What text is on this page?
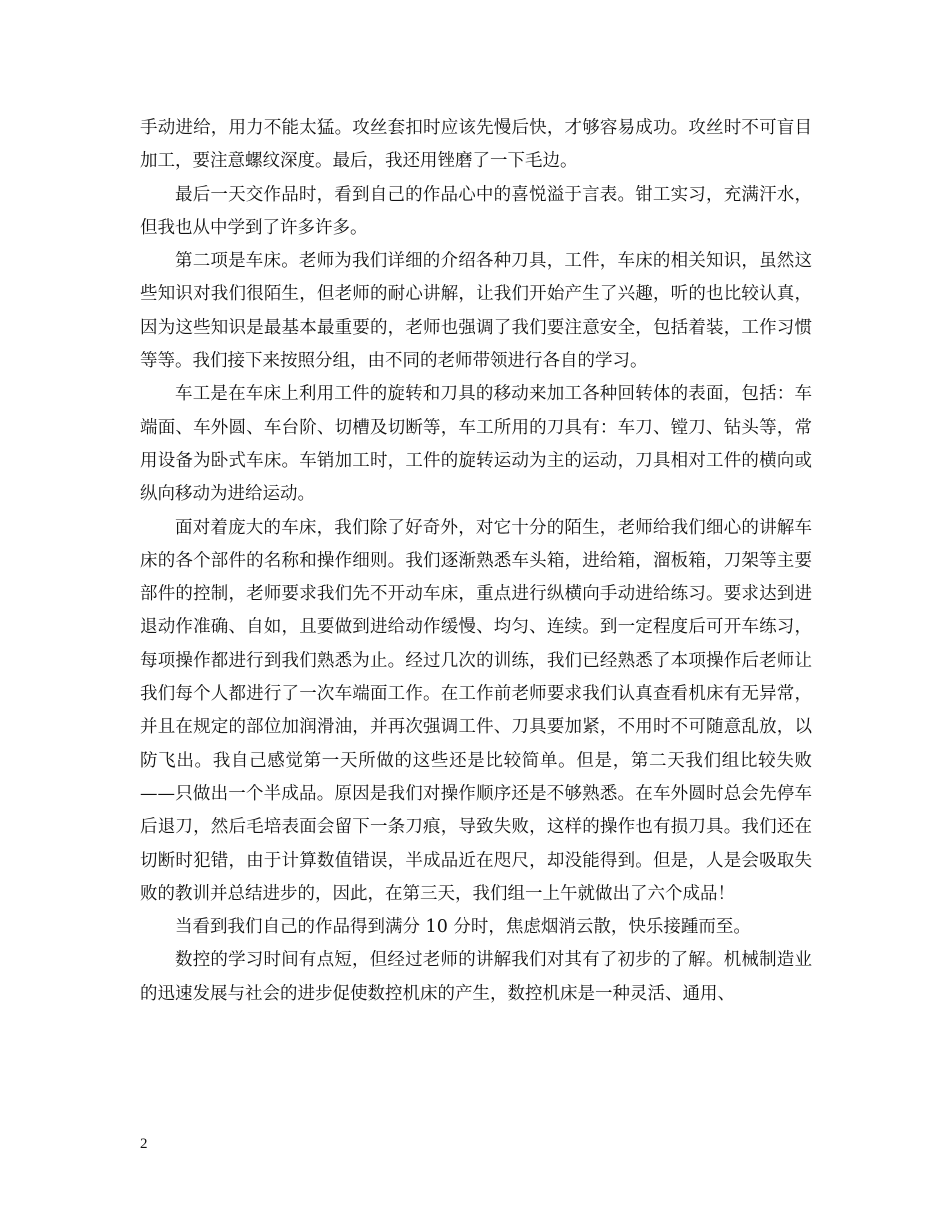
手动进给，用力不能太猛。攻丝套扣时应该先慢后快，才够容易成功。攻丝时不可盲目加工，要注意螺纹深度。最后，我还用锉磨了一下毛边。

最后一天交作品时，看到自己的作品心中的喜悦溢于言表。钳工实习，充满汗水，但我也从中学到了许多许多。

第二项是车床。老师为我们详细的介绍各种刀具，工件，车床的相关知识，虽然这些知识对我们很陌生，但老师的耐心讲解，让我们开始产生了兴趣，听的也比较认真，因为这些知识是最基本最重要的，老师也强调了我们要注意安全，包括着装，工作习惯等等。我们接下来按照分组，由不同的老师带领进行各自的学习。

车工是在车床上利用工件的旋转和刀具的移动来加工各种回转体的表面，包括：车端面、车外圆、车台阶、切槽及切断等，车工所用的刀具有：车刀、镗刀、钻头等，常用设备为卧式车床。车销加工时，工件的旋转运动为主的运动，刀具相对工件的横向或纵向移动为进给运动。

面对着庞大的车床，我们除了好奇外，对它十分的陌生，老师给我们细心的讲解车床的各个部件的名称和操作细则。我们逐渐熟悉车头箱，进给箱，溜板箱，刀架等主要部件的控制，老师要求我们先不开动车床，重点进行纵横向手动进给练习。要求达到进退动作准确、自如，且要做到进给动作缓慢、均匀、连续。到一定程度后可开车练习，每项操作都进行到我们熟悉为止。经过几次的训练，我们已经熟悉了本项操作后老师让我们每个人都进行了一次车端面工作。在工作前老师要求我们认真查看机床有无异常，并且在规定的部位加润滑油，并再次强调工件、刀具要加紧，不用时不可随意乱放，以防飞出。我自己感觉第一天所做的这些还是比较简单。但是，第二天我们组比较失败——只做出一个半成品。原因是我们对操作顺序还是不够熟悉。在车外圆时总会先停车后退刀，然后毛培表面会留下一条刀痕，导致失败，这样的操作也有损刀具。我们还在切断时犯错，由于计算数值错误，半成品近在咫尺，却没能得到。但是，人是会吸取失败的教训并总结进步的，因此，在第三天，我们组一上午就做出了六个成品！

当看到我们自己的作品得到满分 10 分时，焦虑烟消云散，快乐接踵而至。

数控的学习时间有点短，但经过老师的讲解我们对其有了初步的了解。机械制造业的迅速发展与社会的进步促使数控机床的产生，数控机床是一种灵活、通用、

2
